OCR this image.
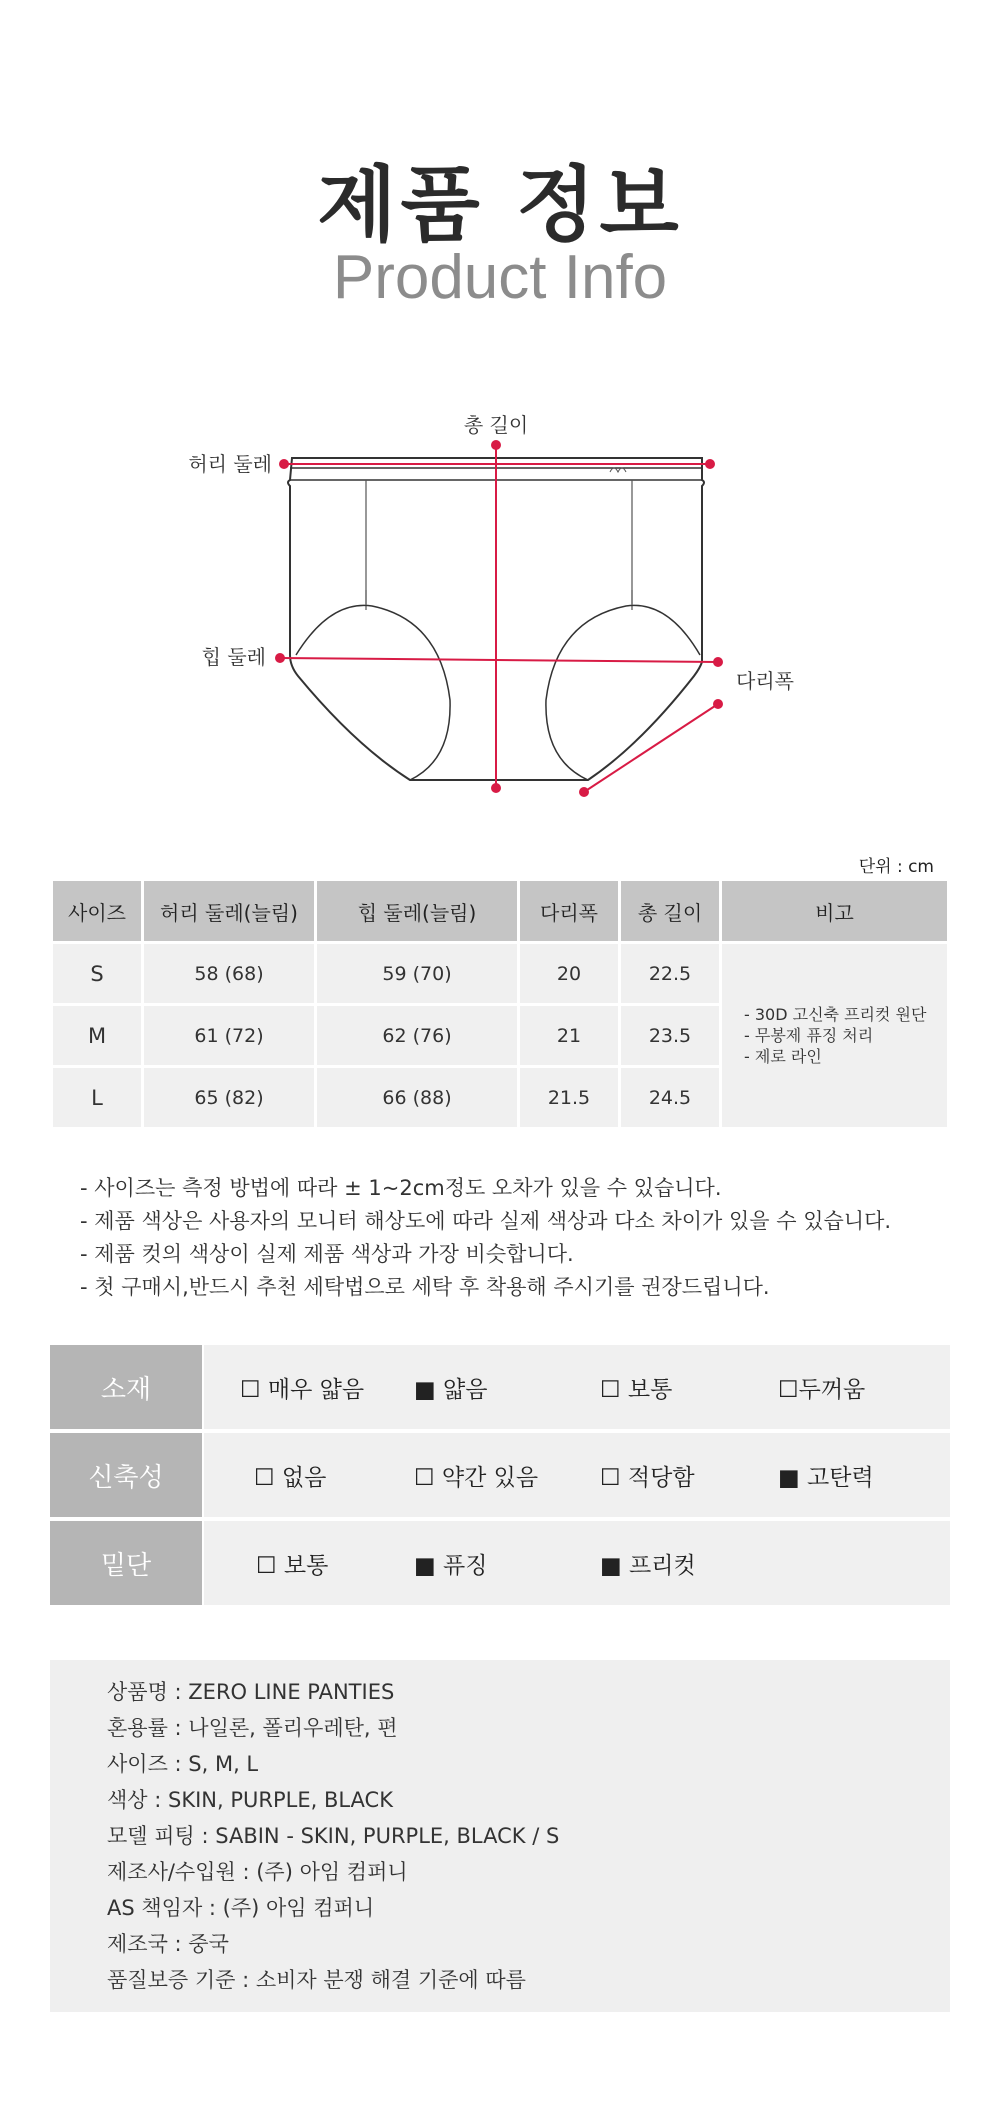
제품 정보
Product Info
총 길이
허리 둘레
힙 둘레
다리폭
단위 : cm
사이즈	허리 둘레(늘림)	힙 둘레(늘림)	다리폭	총 길이	비고
S	58 (68)	59 (70)	20	22.5	- 30D 고신축 프리컷 원단
- 무봉제 퓨징 처리
- 제로 라인

M	61 (72)	62 (76)	21	23.5	
L	65 (82)	66 (88)	21.5	24.5	
- 사이즈는 측정 방법에 따라 ± 1~2cm정도 오차가 있을 수 있습니다.
- 제품 색상은 사용자의 모니터 해상도에 따라 실제 색상과 다소 차이가 있을 수 있습니다.
- 제품 컷의 색상이 실제 제품 색상과 가장 비슷합니다.
- 첫 구매시,반드시 추천 세탁법으로 세탁 후 착용해 주시기를 권장드립니다.
소재	☐ 매우 얇음 ■ 얇음	☐ 보통	☐두꺼움
신축성	☐ 없음	☐ 약간 있음	☐ 적당함	■ 고탄력
밑단	☐ 보통	■ 퓨징	■ 프리컷
상품명 : ZERO LINE PANTIES
혼용률 : 나일론, 폴리우레탄, 편
사이즈 : S, M, L
색상 : SKIN, PURPLE, BLACK
모델 피팅 : SABIN - SKIN, PURPLE, BLACK / S
제조사/수입원 : (주) 아임 컴퍼니
AS 책임자 : (주) 아임 컴퍼니
제조국 : 중국
품질보증 기준 : 소비자 분쟁 해결 기준에 따름
